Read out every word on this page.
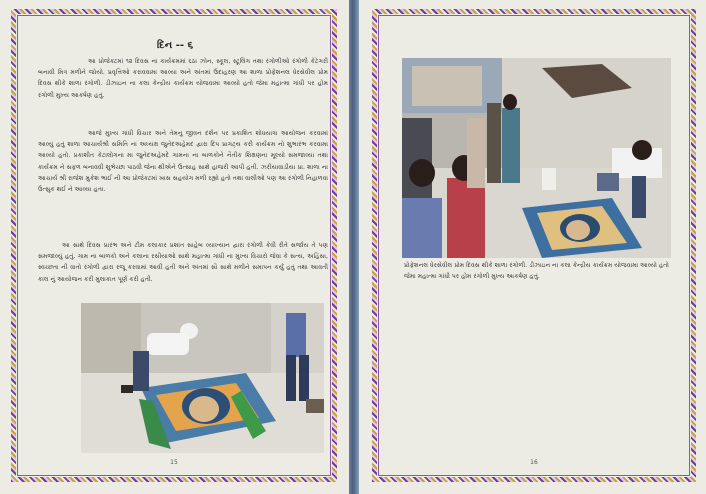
દિન -- ૬

આ પ્રોજેક્ટમાં ૧૨ દિવસ ના કાર્યક્રમમાં ૬ઠા ઝોન, સ્કૂલ, સ્ટૂલિંગ તથા રંગોળીઓ રંગોળી કેટેગરી બનાવી મિત્ર મળીને જોયો. પ્રવૃત્તિઓ કરાવવામા આવ્યા અને અંતમાં ઉદાહરણ આ શાળા પ્રોફેશનલ ધેરસેવીલ પ્રોમ દિવસ થીકે શાળા રંગોળી. ડીઝાઇન ના કલા કેન્દ્રીય કાર્યક્રમ યોજવામા આવ્યો હતો જેમા મહાત્મા ગાંધી પર હોમ રંગોળી મુખ્ય આકર્ષણ હતું.

આજે મુખ્ય ગાંધી વિચાર અને તેમનુ જીવન દર્શન પર પ્રકાશિત શોધયાત્રા આયોજન કરવામાં આવ્યું હતું શાળા આચાર્યશ્રી સમિતિ ના અધ્યક્ષ જુનેદઅહેમદ દ્વારા દિપ પ્રાગટ્ય કરી કાર્યક્રમ નો શુભારંભ કરવામા આવ્યો હતો. પ્રકાશીત કેટાલોગના મા જુનેદઅહેમદે ગામના ના બાળકોને નૈતીક શિક્ષણના મૂલ્યો સમજાવ્યા તથા કાર્યક્રમ ને સફળ બનાવવી શુભેચ્છા પાઠવી જેના થીએને ઉત્સાહ સાથે હાજરી આપી હતી. ઝરીયાવાડીયા પ્રા. શાળા ના આચાર્ય શ્રી રાજેશ મુકેશ ભાઈ ની આ પ્રોજેક્ટમાં ખાસ સહયોગ મળી રહ્યો હતો તથા વાલીઓ પણ આ રંગોળી નિહાળવા ઉત્સુક થઈ ને આવ્યા હતા.

આ સાથે દિવસ પ્રારંભ અને ટીમ કલાકાર પ્રશાંત સાહેબ વ્યાખ્યાન દ્વારા રંગોળી કેવી રીતે સર્જાય તે પણ સમજાવ્યું હતું. ગામ ના બાળકો અને કલાના રસીયાઓ સાથે મહાત્મા ગાંધી ના મુખ્ય વિચારો જેવા કે સત્ય, અહિંસા, સ્વચ્છતા ની વાતો રંગોળી દ્વારા રજૂ કરવામાં આવી હતી અને અંતમાં સૌ સાથે મળીને સમાપન કર્યું હતું તથા આવતી કાલ નું આયોજન કરી મુલાકાત પૂર્ણ કરી હતી.

પ્રોફેશનલ ધેરસેવીલ પ્રોમ દિવસ થીકે શાળા રંગોળી. ડીઝાઇન ના કલા કેન્દ્રીય કાર્યક્રમ યોજવામા આવ્યો હતો જેમા મહાત્મા ગાંધી પર હોમ રંગોળી મુખ્ય આકર્ષણ હતું.

15	16
